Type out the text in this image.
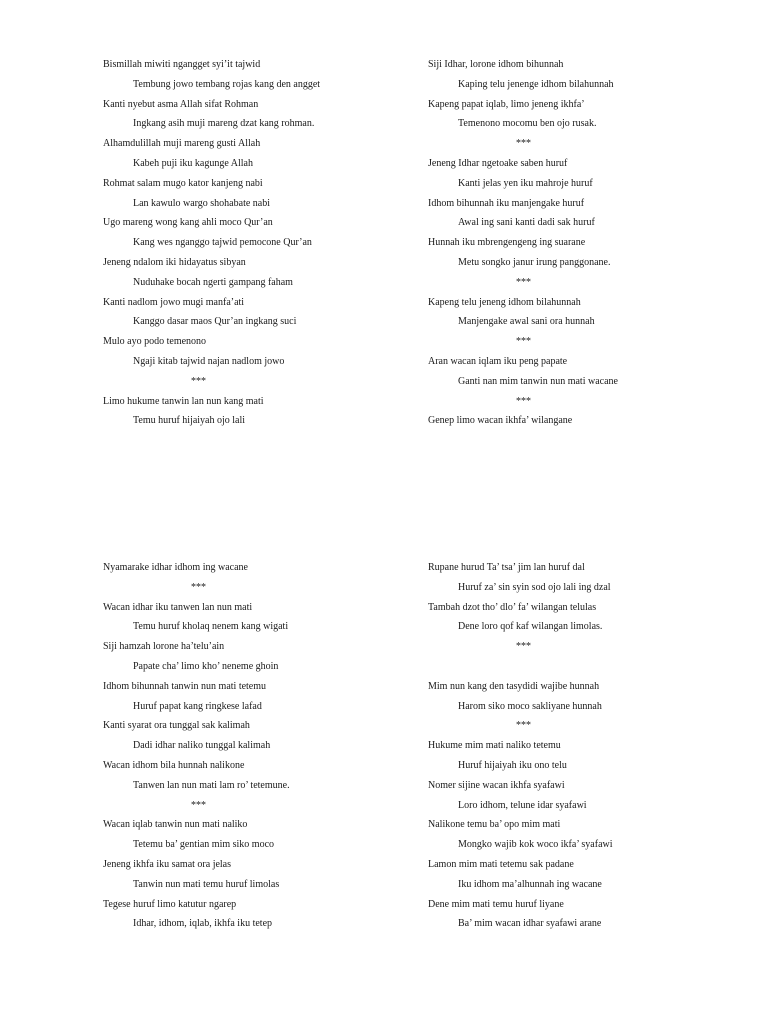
Bismillah miwiti ngangget syi’it tajwid
Tembung jowo tembang rojas kang den angget
Kanti nyebut asma Allah sifat Rohman
Ingkang asih muji mareng dzat kang rohman.
Alhamdulillah muji mareng gusti Allah
Kabeh puji iku kagunge Allah
Rohmat salam mugo kator kanjeng nabi
Lan kawulo wargo shohabate nabi
Ugo mareng wong kang ahli moco Qur’an
Kang wes nganggo tajwid pemocone Qur’an
Jeneng ndalom iki hidayatus sibyan
Nuduhake bocah ngerti gampang faham
Kanti nadlom jowo mugi manfa’ati
Kanggo dasar maos Qur’an ingkang suci
Mulo ayo podo temenono
Ngaji kitab tajwid najan nadlom jowo
***
Limo hukume tanwin lan nun kang mati
Temu huruf hijaiyah ojo lali
Siji Idhar, lorone idhom bihunnah
Kaping telu jenenge idhom bilahunnah
Kapeng papat iqlab, limo jeneng ikhfa’
Temenono mocomu ben ojo rusak.
***
Jeneng Idhar ngetoake saben huruf
Kanti jelas yen iku mahroje huruf
Idhom bihunnah iku manjengake huruf
Awal ing sani kanti dadi sak huruf
Hunnah iku mbrengengeng ing suarane
Metu songko janur irung panggonane.
***
Kapeng telu jeneng idhom bilahunnah
Manjengake awal sani ora hunnah
***
Aran wacan iqlam iku peng papate
Ganti nan mim tanwin nun mati wacane
***
Genep limo wacan ikhfa’ wilangane
Nyamarake idhar idhom ing wacane
***
Wacan idhar iku tanwen lan nun mati
Temu huruf kholaq nenem kang wigati
Siji hamzah lorone ha’telu’ain
Papate cha’ limo kho’ neneme ghoin
Idhom bihunnah tanwin nun mati tetemu
Huruf papat kang ringkese lafad
Kanti syarat ora tunggal sak kalimah
Dadi idhar naliko tunggal kalimah
Wacan idhom bila hunnah nalikone
Tanwen lan nun mati lam ro’ tetemune.
***
Wacan iqlab tanwin nun mati naliko
Tetemu ba’ gentian mim siko moco
Jeneng ikhfa iku samat ora jelas
Tanwin nun mati temu huruf limolas
Tegese huruf limo katutur ngarep
Idhar, idhom, iqlab, ikhfa iku tetep
Rupane hurud Ta’ tsa’ jim lan huruf dal
Huruf za’ sin syin sod ojo lali ing dzal
Tambah dzot tho’ dlo’ fa’ wilangan telulas
Dene loro qof kaf wilangan limolas.
***
Mim nun kang den tasydidi wajibe hunnah
Harom siko moco sakliyane hunnah
***
Hukume mim mati naliko tetemu
Huruf hijaiyah iku ono telu
Nomer sijine wacan ikhfa syafawi
Loro idhom, telune idar syafawi
Nalikone temu ba’ opo mim mati
Mongko wajib kok woco ikfa’ syafawi
Lamon mim mati tetemu sak padane
Iku idhom ma’alhunnah ing wacane
Dene mim mati temu huruf liyane
Ba’ mim wacan idhar syafawi arane
